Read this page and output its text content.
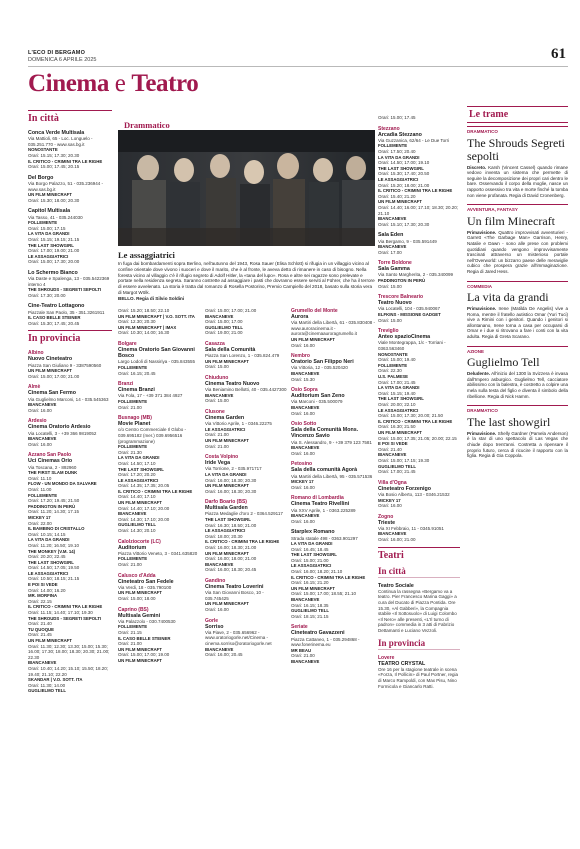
L'ECO DI BERGAMO
DOMENICA 6 APRILE 2025	61
Cinema e Teatro
Drammatico
Le assaggiatrici
In fuga dai bombardamenti sopra Berlino, nell'autunno del 1943, Rosa Sauer (Elisa Schlott) si rifugia in un villaggio vicino al confine orientale dove vivono i suoceri e dove il marito, che è al fronte, le aveva detto di rimanere in caso di bisogno. Nella foresta vicino al villaggio c'è il rifugio segreto di Adolf Hitler, la «tana del lupo». Rosa e altre sei ragazze sono prelevate e portate nella residenza segreta. Saranno costrette ad assaggiare i pasti che dovranno essere serviti al Führer, che ha il terrore di essere avvelenato. La storia è tratta dal romanzo di Rosella Postorino, Premio Campiello del 2018, basato sulla storia vera di Margot Wölk.
BELLO. Regia di Silvio Soldini
In città
Conca Verde Multisala
Via Mattioli, 65 - Loc. Longuelo - 035.251.770 - www.sas.bg.it
NONOSTANTE
Orari: 15.15; 17.30; 20.30
IL CRITICO - CRIMINI TRA LE RIGHE
Orari: 15.00; 17.45; 20.15
Del Borgo
Via Borgo Palazzo, 51 - 035.236944 - www.sas.bg.it
UN FILM MINECRAFT
Orari: 15.30; 18.00; 20.30
Capitol Multisala
Via Tasso, 41 - 035.244030
FOLLEMENTE
Orari: 15.00; 17.15
LA VITA DA GRANDI
Orari: 15.15; 19.15; 21.15
THE LAST SHOWGIRL
Orari: 17.00; 19.00; 21.00
LE ASSAGGIATRICI
Orari: 15.00; 17.30; 20.00
Lo Schermo Bianco
Via Daste e Spalenga, 13 - 035.5422369 interno 4
THE SHROUDS - SEGRETI SEPOLTI
Orari: 17.30; 20.00
Cine-Teatro Lottagono
Piazzale San Paolo, 35 - 351.3261911
IL CASO BELLE STEINER
Orari: 15.30; 17.45; 20.45
In provincia
Albino
Nuovo Cineteatro
Piazza San Giuliano 9 - 3387590560
UN FILM MINECRAFT
Orari: 15.00; 17.00; 21.00
Almè
Cinema San Fermo
Via Guglielmo Marconi, 14 - 035.545363
BIANCANEVE
Orari: 16.00
Ardesio
Cinema Oratorio Ardesio
Via Locatelli, 3 - +39 366 9819052
BIANCANEVE
Orari: 16.00
Azzano San Paolo
Uci Cinemas Orio
Via Toscana, 2 - 892960
THE FIRST SLAM DUNK
Orari: 11.10
FLOW - UN MONDO DA SALVARE
Orari: 11.00
FOLLEMENTE
Orari: 17.20; 19.45; 21.50
PADDINGTON IN PERÙ
Orari: 11.20; 14.30; 17.15
MICKEY 17
Orari: 22.00
IL BAMBINO DI CRISTALLO
Orari: 10.15; 14.15
LA VITA DA GRANDI
Orari: 11.20; 16.50; 19.10
THE MONKEY (V.M. 14)
Orari: 20.20; 22.45
THE LAST SHOWGIRL
Orari: 14.50; 17.05; 19.50
LE ASSAGGIATRICI
Orari: 10.50; 18.15; 21.15
E POI SI VEDE
Orari: 14.00; 16.20
MR. MORFINA
Orari: 22.15
IL CRITICO - CRIMINI TRA LE RIGHE
Orari: 11.15; 14.40; 17.10; 19.30
THE SHROUDS - SEGRETI SEPOLTI
Orari: 21.40
TU QUOQUE
Orari: 21.45
UN FILM MINECRAFT
Orari: 11.30; 12.30; 13.30; 15.00; 15.30; 16.00; 17.30; 18.00; 18.30; 20.30; 21.00; 22.30
BIANCANEVE
Orari: 10.40; 14.20; 15.10; 15.50; 18.20; 19.40; 21.10; 22.20
SKANDAR | V.O. SOTT. ITA
Orari: 11.30; 14.00
GUGLIELMO TELL
Orari: 15.20; 18.50; 22.10
UN FILM MINECRAFT | V.O. SOTT. ITA
Orari: 12.30; 20.30
UN FILM MINECRAFT | IMAX
Orari: 10.30; 14.00; 16.30
Bolgare
Cinema Oratorio San Giovanni Bosco
Largo Lodoli di Nassiriya - 035.843555
FOLLEMENTE
Orari: 16.15; 20.45
Branzi
Cinema Branzi
Via Fola, 17 - +39 371 384 4927
FOLLEMENTE
Orari: 21.00
Busnago (MB)
Movie Planet
c/o Centro Commerciale Il Globo - 039.695182 (mer.) 039.6956516 (programmazione)
FOLLEMENTE
Orari: 21.30
LA VITA DA GRANDI
Orari: 14.50; 17.10
THE LAST SHOWGIRL
Orari: 17.20; 20.20
LE ASSAGGIATRICI
Orari: 14.35; 17.35; 20.05
IL CRITICO - CRIMINI TRA LE RIGHE
Orari: 14.40; 17.10
UN FILM MINECRAFT
Orari: 14.40; 17.10; 20.00
BIANCANEVE
Orari: 14.30; 17.10; 20.00
GUGLIELMO TELL
Orari: 14.30; 20.10
Calolziocorte (LC)
Auditorium
Piazza Vittorio Veneto, 3 - 0341.635820
FOLLEMENTE
Orari: 21.00
Calusco d'Adda
Cineteatro San Fedele
Via Verdi, 18 - 035.790100
UN FILM MINECRAFT
Orari: 15.00; 18.00
Caprino (BS)
Multisala Gemini
Via Palazzolo - 030.7400530
FOLLEMENTE
Orari: 21.15
IL CASO BELLE STEINER
Orari: 21.00
UN FILM MINECRAFT
Orari: 15.00; 17.00; 19.00
UN FILM MINECRAFT
Orari: 15.00; 17.00; 21.00
BIANCANEVE
Orari: 15.00; 17.00
GUGLIELMO TELL
Orari: 19.00; 21.00
Casazza
Sala della Comunità
Piazza San Lorenzo, 1 - 035.824.479
UN FILM MINECRAFT
Orari: 15.00
Chiuduno
Cinema Teatro Nuovo
Via Beniamino Bellotti, 40 - 035.4427300
BIANCANEVE
Orari: 15.00
Clusone
Cinema Garden
Via Vittorio Aprile, 1 - 0346.22275
LE ASSAGGIATRICI
Orari: 21.00
UN FILM MINECRAFT
Orari: 21.00
Costa Volpino
Iride Vega
Via Torrione, 2 - 035.971717
LA VITA DA GRANDI
Orari: 16.00; 18.30; 20.30
UN FILM MINECRAFT
Orari: 16.00; 18.30; 20.30
Darfo Boario (BS)
Multisala Garden
Piazza Medaglie d'oro 2 - 0364.529117
THE LAST SHOWGIRL
Orari: 16.30; 18.50; 21.00
LE ASSAGGIATRICI
Orari: 18.00; 20.30
IL CRITICO - CRIMINI TRA LE RIGHE
Orari: 16.00; 18.30; 21.00
UN FILM MINECRAFT
Orari: 16.00; 18.00; 21.00
BIANCANEVE
Orari: 16.00; 18.30; 20.45
Gandino
Cinema Teatro Loverini
Via San Giovanni Bosco, 10 - 035.745425
UN FILM MINECRAFT
Orari: 16.00
Gorle
Sorriso
Via Piave, 2 - 035.656962 - www.oratoriogorle.net/Cinema - cinema.sorriso@oratoriogorle.net
BIANCANEVE
Orari: 16.00; 20.45
Grumello del Monte
Aurora
Via Martiri della Libertà, 61 - 035.830408 - www.auroracinema.it - aurora@cinemaauroragrumello.it
UN FILM MINECRAFT
Orari: 16.00
Nembro
Oratorio San Filippo Neri
Via Vittoria, 12 - 035.520420
BIANCANEVE
Orari: 15.30
Osio Sopra
Auditorium San Zeno
Via Marconi - 035.500079
BIANCANEVE
Orari: 16.00
Osio Sotto
Sala della Comunità Mons. Vincenzo Savio
Via S. Alessandro, 9 - +39 379 123 7581
BIANCANEVE
Orari: 16.00
Petosino
Sala della comunità Agorà
Via Martiri della Libertà, 95 - 035.571536
MICKEY 17
Orari: 16.00
Romano di Lombardia
Cinema Teatro Rivellini
Via XXV Aprile, 1 - 0363.225289
BIANCANEVE
Orari: 16.00
Starplex Romano
Strada statale 498 - 0363.901297
LA VITA DA GRANDI
Orari: 16.45; 18.45
THE LAST SHOWGIRL
Orari: 15.00; 21.00
LE ASSAGGIATRICI
Orari: 16.00; 18.20; 21.10
IL CRITICO - CRIMINI TRA LE RIGHE
Orari: 16.15; 21.20
UN FILM MINECRAFT
Orari: 15.00; 17.00; 18.55; 21.10
BIANCANEVE
Orari: 16.15; 18.35
GUGLIELMO TELL
Orari: 18.15; 21.15
Seriate
Cineteatro Gavazzeni
Piazza Cattaneo, 1 - 035.294868 - www.fonerinema.eu
MR BEAU
Orari: 21.00
BIANCANEVE
Orari: 15.00; 17.45
Stezzano
Arcadia Stezzano
Via Guzzanica, 62/64 - Le Due Torri
FOLLEMENTE
Orari: 17.50; 20.40
LA VITA DA GRANDI
Orari: 14.50; 17.00; 19.10
THE LAST SHOWGIRL
Orari: 15.30; 17.40; 20.50
LE ASSAGGIATRICI
Orari: 15.20; 18.00; 21.00
IL CRITICO - CRIMINI TRA LE RIGHE
Orari: 15.40; 21.20
UN FILM MINECRAFT
Orari: 14.40; 16.00; 17.10; 18.30; 20.20; 21.10
BIANCANEVE
Orari: 15.10; 17.30; 20.30
Sala Eden
Via Bergamo, 9 - 035.591449
BIANCANEVE
Orari: 17.00
Torre Boldone
Sala Gamma
Via Santo Margherita, 2 - 035.340099
PADDINGTON IN PERÙ
Orari: 15.00
Trescore Balneario
Teatro Nuovo
Via Locatelli, 104 - 035.940067
ELFKINS - MISSIONE GADGET
Orari: 15.00
Treviglio
Anteo spazioCinema
Viale Montegrappa, 1/c - Torriani - 0363.563460
NONOSTANTE
Orari: 15.00; 19.40
FOLLEMENTE
Orari: 22.30
U.S. PALMESE
Orari: 17.00; 21.45
LA VITA DA GRANDI
Orari: 15.15; 19.40
THE LAST SHOWGIRL
Orari: 20.00; 22.10
LE ASSAGGIATRICI
Orari: 15.00; 17.30; 20.00; 21.50
IL CRITICO - CRIMINI TRA LE RIGHE
Orari: 16.30; 21.50
UN FILM MINECRAFT
Orari: 15.00; 17.35; 21.05; 20.00; 22.15
E POI SI VEDE
Orari: 21.40
BIANCANEVE
Orari: 15.00; 17.15; 19.30
GUGLIELMO TELL
Orari: 17.00; 21.45
Villa d'Ogna
Cineteatro Forzenigo
Via Bosio Alberto, 113 - 0346.21532
MICKEY 17
Orari: 16.00
Zogno
Trieste
Via XI Febbraio, 11 - 0345.91051
BIANCANEVE
Orari: 16.00; 21.00
Teatri
In città
Teatro Sociale
Continua la rassegna «Bergamo va a teatro. Pier Francesco Marina Gaggi» a cura del Ducato di Piazza Pontida. Ore 15.30, «Al Gabberi», la Compagnia stabile «Il Sottosuolo» di Luigi Colombo «Il Nero» alle presenti, «L'Il turno di padron» commedia in 3 atti di Fabrizio Dettamanti e Luciano Vezzoli.
In provincia
Lovere
TEATRO CRYSTAL
Ore 16 per la stagione teatrale in scena «Forza, Il Pollicin» di Paul Portner, regia di Marco Rampoldi, con Max Pisu, Nino Formicola e Giancarlo Ratti.
Le trame
DRAMMATICO
The Shrouds Segreti sepolti
Discreto. Karsh (Vincent Cassel) quando rimane vedovo inventa un sistema che permette di seguire la decomposizione dei propri cari dentro le bare. Osservando il corpo della moglie, nasce un rapporto ossessivo tra vita e morte finché la tomba non viene profanata. Regia di David Cronenberg.
AVVENTURA, FANTASY
Un film Minecraft
Primavisione. Quattro improvvisati avventurieri - Garrett «The Garbage Man» Garrison, Henry, Natalie e Dawn - sono alle prese con problemi quotidiani quando vengono improvvisamente trascinati attraverso un misterioso portale nell'Overworld: un bizzarro paese delle meraviglie cubico che prospera grazie all'immaginazione. Regia di Jared Hess.
COMMEDIA
La vita da grandi
Primavisione. Irene (Matilda De Angelis) vive a Roma, mentre il fratello autistico Omar (Yuri Tuci) vive a Rimini con i genitori. Quando i genitori si allontanano, Irene torna a casa per occuparsi di Omar e i due si ritrovano a fare i conti con la vita adulta. Regia di Greta Scarano.
AZIONE
Guglielmo Tell
Deludente. All'inizio del 1300 la Svizzera è invasa dall'Impero asburgico. Guglielmo Tell, cacciatore abilissimo con la balestra, è costretto a colpire una mela sulla testa del figlio e diventa il simbolo della ribellione. Regia di Nick Hamm.
DRAMMATICO
The last showgirl
Primavisione. Shelly Gardner (Pamela Anderson) è la star di uno spettacolo di Las Vegas che chiude dopo trent'anni. Costretta a ripensare il proprio futuro, cerca di ricucire il rapporto con la figlia. Regia di Gia Coppola.
